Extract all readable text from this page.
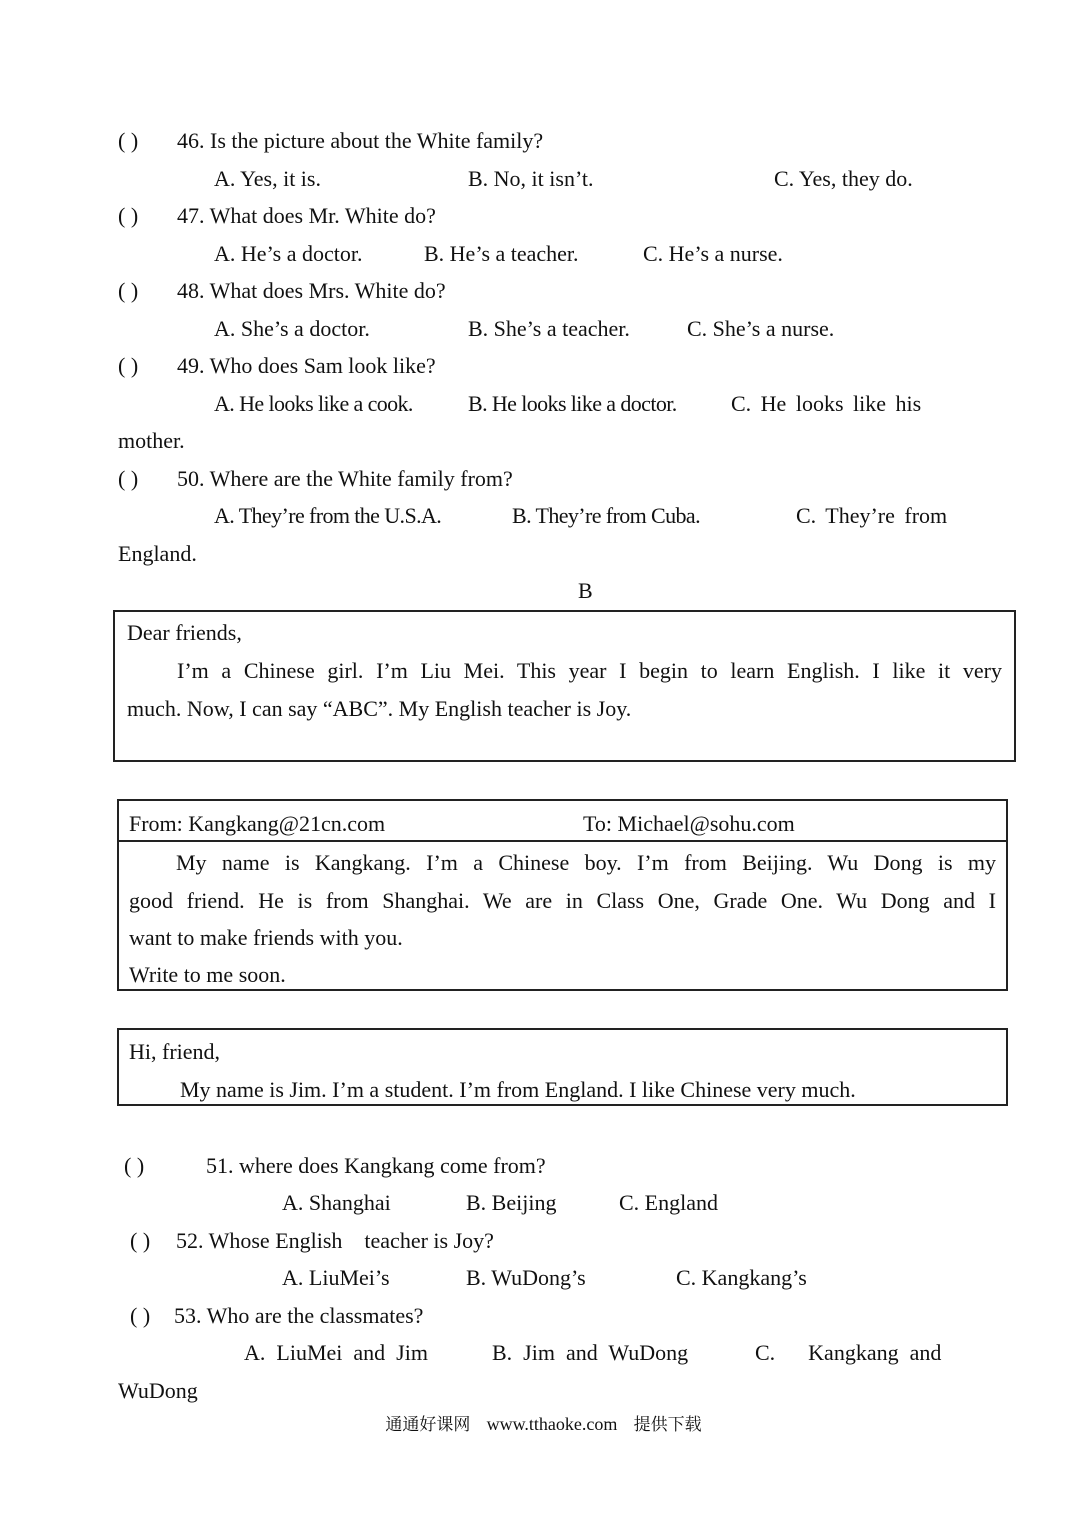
( ) 46. Is the picture about the White family?
A. Yes, it is.	B. No, it isn’t.	C. Yes, they do.
( ) 47. What does Mr. White do?
A. He’s a doctor.	B. He’s a teacher.	C. He’s a nurse.
( ) 48. What does Mrs. White do?
A. She’s a doctor.	B. She’s a teacher.	C. She’s a nurse.
( ) 49. Who does Sam look like?
A. He looks like a cook.	B. He looks like a doctor. C. He looks like his
mother.
( ) 50. Where are the White family from?
A. They’re from the U.S.A.	B. They’re from Cuba.	C. They’re from
England.
B
Dear friends,
I’m a Chinese girl. I’m Liu Mei. This year I begin to learn English. I like it very
much. Now, I can say “ABC”. My English teacher is Joy.
From: Kangkang@21cn.com	To: Michael@sohu.com
My name is Kangkang. I’m a Chinese boy. I’m from Beijing. Wu Dong is my
good friend. He is from Shanghai. We are in Class One, Grade One. Wu Dong and I
want to make friends with you.
Write to me soon.
Hi, friend,
My name is Jim. I’m a student. I’m from England. I like Chinese very much.
( )	51. where does Kangkang come from?
A. Shanghai	B. Beijing	C. England
( ) 52. Whose English    teacher is Joy?
A. LiuMei’s	B. WuDong’s	C. Kangkang’s
( ) 53. Who are the classmates?
A.  LiuMei  and  Jim	B.  Jim  and  WuDong	C.      Kangkang  and
WuDong
通通好课网 www.tthaoke.com 提供下载
